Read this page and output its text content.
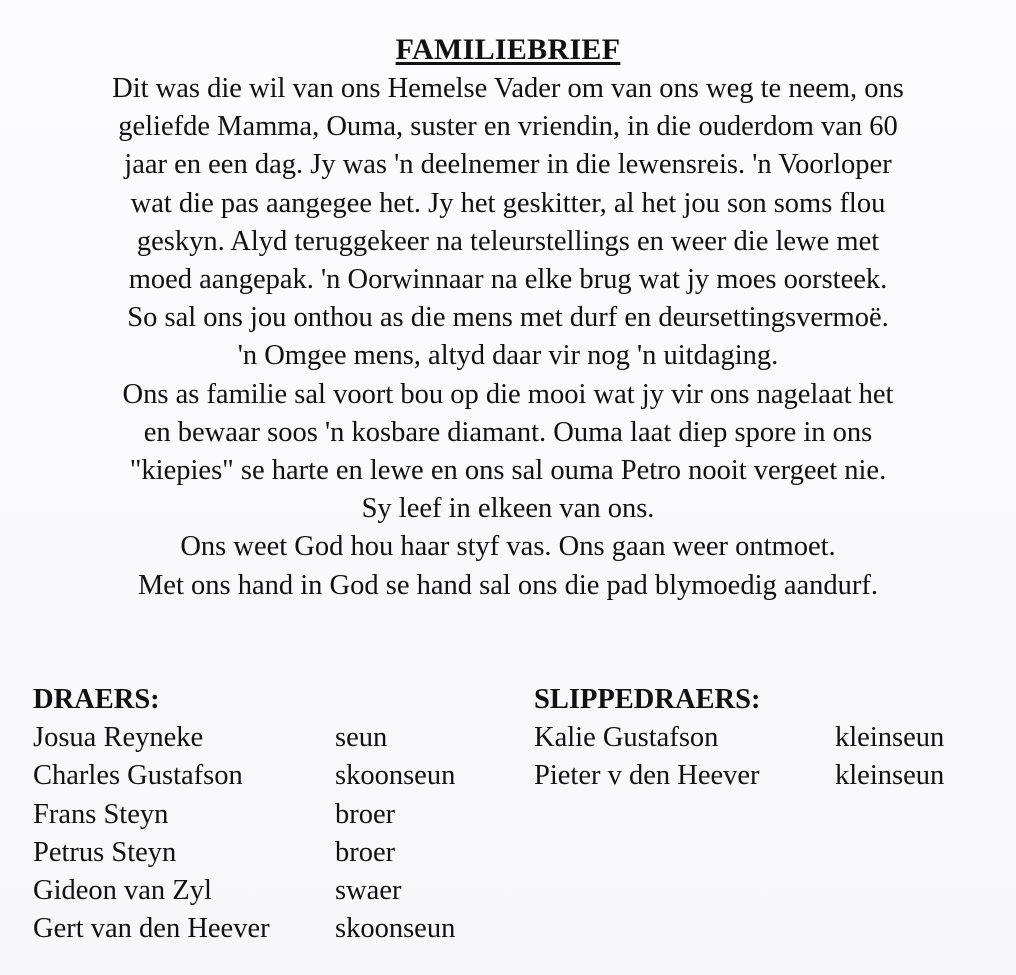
FAMILIEBRIEF
Dit was die wil van ons Hemelse Vader om van ons weg te neem, ons
geliefde Mamma, Ouma, suster en vriendin, in die ouderdom van 60
jaar en een dag. Jy was 'n deelnemer in die lewensreis. 'n Voorloper
wat die pas aangegee het. Jy het geskitter, al het jou son soms flou
geskyn. Alyd teruggekeer na teleurstellings en weer die lewe met
moed aangepak. 'n Oorwinnaar na elke brug wat jy moes oorsteek.
So sal ons jou onthou as die mens met durf en deursettingsvermoë.
'n Omgee mens, altyd daar vir nog 'n uitdaging.
Ons as familie sal voort bou op die mooi wat jy vir ons nagelaat het
en bewaar soos 'n kosbare diamant. Ouma laat diep spore in ons
"kiepies" se harte en lewe en ons sal ouma Petro nooit vergeet nie.
Sy leef in elkeen van ons.
Ons weet God hou haar styf vas. Ons gaan weer ontmoet.
Met ons hand in God se hand sal ons die pad blymoedig aandurf.
DRAERS:
Josua Reyneke	seun
Charles Gustafson	skoonseun
Frans Steyn	broer
Petrus Steyn	broer
Gideon van Zyl	swaer
Gert van den Heever skoonseun
SLIPPEDRAERS:
Kalie Gustafson	kleinseun
Pieter v den Heever	kleinseun
